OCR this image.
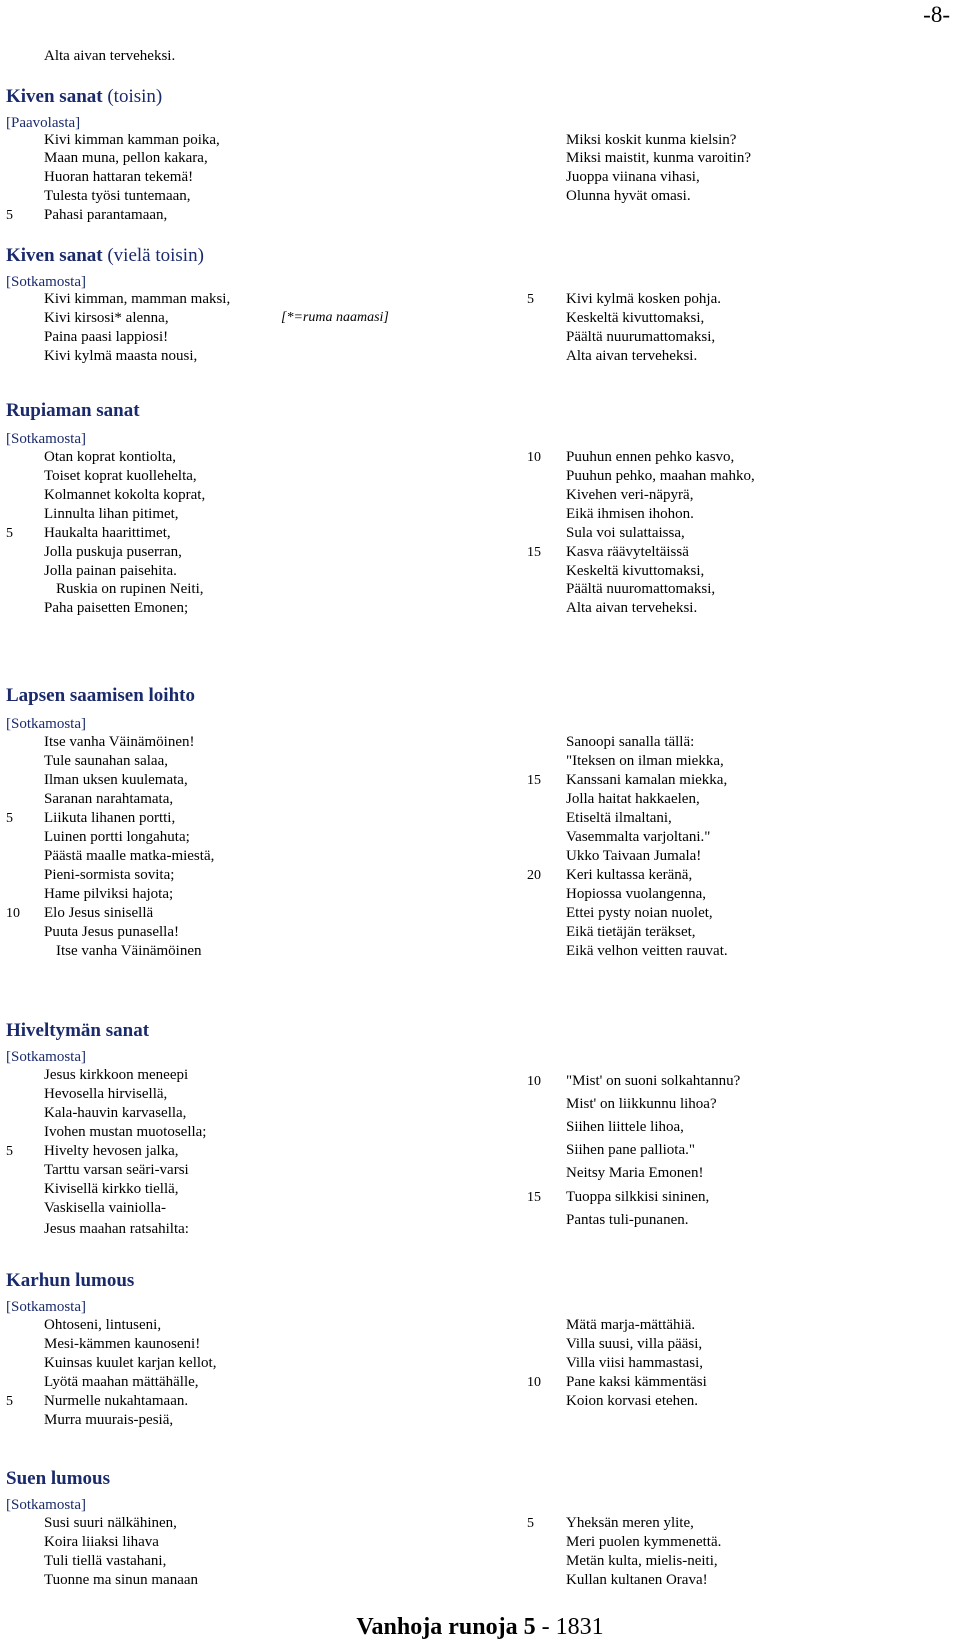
-8-
Alta aivan terveheksi.
Kiven sanat (toisin)
[Paavolasta]
Kivi kimman kamman poika,
Maan muna, pellon kakara,
Huoran hattaran tekemä!
Tulesta työsi tuntemaan,
Pahasi parantamaan,
5
Miksi koskit kunma kielsin?
Miksi maistit, kunma varoitin?
Juoppa viinana vihasi,
Olunna hyvät omasi.
Kiven sanat (vielä toisin)
[Sotkamosta]
Kivi kimman, mamman maksi,
Kivi kirsosi* alenna,
Paina paasi lappiosi!
Kivi kylmä maasta nousi,
Kivi kylmä kosken pohja.
Keskeltä kivuttomaksi,
Päältä nuurumattomaksi,
Alta aivan terveheksi.
5
[*=ruma naamasi]
Rupiaman sanat
[Sotkamosta]
Otan koprat kontiolta,
Toiset koprat kuollehelta,
Kolmannet kokolta koprat,
Linnulta lihan pitimet,
Haukalta haarittimet,
Jolla puskuja puserran,
Jolla painan paisehita.
Ruskia on rupinen Neiti,
Paha paisetten Emonen;
5
Puuhun ennen pehko kasvo,
Puuhun pehko, maahan mahko,
Kivehen veri-näpyrä,
Eikä ihmisen ihohon.
Sula voi sulattaissa,
Kasva räävyteltäissä
Keskeltä kivuttomaksi,
Päältä nuuromattomaksi,
Alta aivan terveheksi.
10
15
Lapsen saamisen loihto
[Sotkamosta]
Itse vanha Väinämöinen!
Tule saunahan salaa,
Ilman uksen kuulemata,
Saranan narahtamata,
Liikuta lihanen portti,
Luinen portti longahuta;
Päästä maalle matka-miestä,
Pieni-sormista sovita;
Hame pilviksi hajota;
Elo Jesus sinisellä
Puuta Jesus punasella!
Itse vanha Väinämöinen
5
10
Sanoopi sanalla tällä:
"Iteksen on ilman miekka,
Kanssani kamalan miekka,
Jolla haitat hakkaelen,
Etiseltä ilmaltani,
Vasemmalta varjoltani."
Ukko Taivaan Jumala!
Keri kultassa keränä,
Hopiossa vuolangenna,
Ettei pysty noian nuolet,
Eikä tietäjän teräkset,
Eikä velhon veitten rauvat.
15
20
Hiveltymän sanat
[Sotkamosta]
Jesus kirkkoon meneepi
Hevosella hirvisellä,
Kala-hauvin karvasella,
Ivohen mustan muotosella;
Hivelty hevosen jalka,
Tarttu varsan seäri-varsi
Kivisellä kirkko tiellä,
Vaskisella vainiolla-
Jesus maahan ratsahilta:
5
"Mist' on suoni solkahtannu?
Mist' on liikkunnu lihoa?
Siihen liittele lihoa,
Siihen pane palliota."
Neitsy Maria Emonen!
Tuoppa silkkisi sininen,
Pantas tuli-punanen.
10
15
Karhun lumous
[Sotkamosta]
Ohtoseni, lintuseni,
Mesi-kämmen kaunoseni!
Kuinsas kuulet karjan kellot,
Lyötä maahan mättähälle,
Nurmelle nukahtamaan.
Murra muurais-pesiä,
5
Mätä marja-mättähiä.
Villa suusi, villa pääsi,
Villa viisi hammastasi,
Pane kaksi kämmentäsi
Koion korvasi etehen.
10
Suen lumous
[Sotkamosta]
Susi suuri nälkähinen,
Koira liiaksi lihava
Tuli tiellä vastahani,
Tuonne ma sinun manaan
Yheksän meren ylite,
Meri puolen kymmenettä.
Metän kulta, mielis-neiti,
Kullan kultanen Orava!
5
Vanhoja runoja 5 - 1831
